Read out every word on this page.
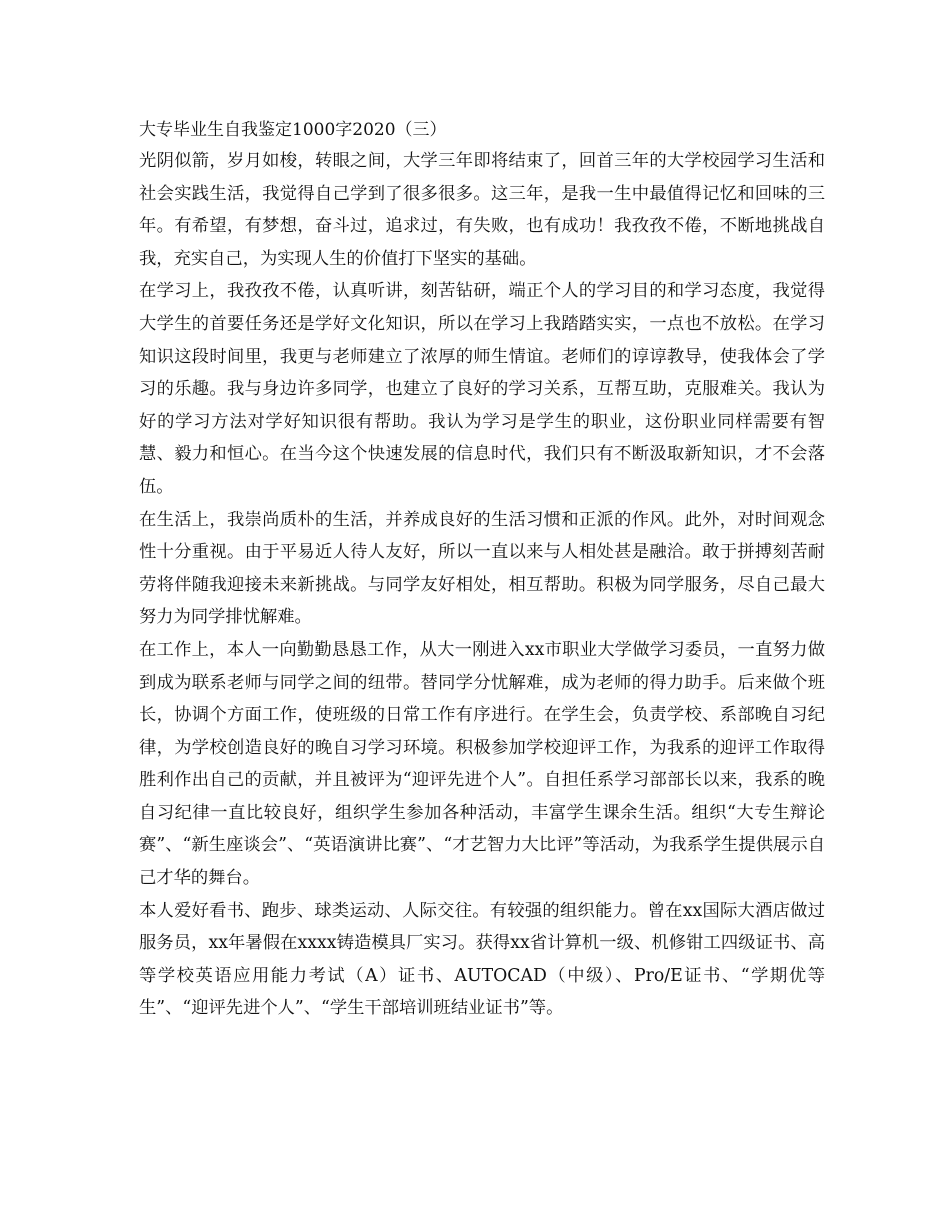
大专毕业生自我鉴定1000字2020（三）

光阴似箭，岁月如梭，转眼之间，大学三年即将结束了，回首三年的大学校园学习生活和社会实践生活，我觉得自己学到了很多很多。这三年，是我一生中最值得记忆和回味的三年。有希望，有梦想，奋斗过，追求过，有失败，也有成功！我孜孜不倦，不断地挑战自我，充实自己，为实现人生的价值打下坚实的基础。

在学习上，我孜孜不倦，认真听讲，刻苦钻研，端正个人的学习目的和学习态度，我觉得大学生的首要任务还是学好文化知识，所以在学习上我踏踏实实，一点也不放松。在学习知识这段时间里，我更与老师建立了浓厚的师生情谊。老师们的谆谆教导，使我体会了学习的乐趣。我与身边许多同学，也建立了良好的学习关系，互帮互助，克服难关。我认为好的学习方法对学好知识很有帮助。我认为学习是学生的职业，这份职业同样需要有智慧、毅力和恒心。在当今这个快速发展的信息时代，我们只有不断汲取新知识，才不会落伍。

在生活上，我崇尚质朴的生活，并养成良好的生活习惯和正派的作风。此外，对时间观念性十分重视。由于平易近人待人友好，所以一直以来与人相处甚是融洽。敢于拼搏刻苦耐劳将伴随我迎接未来新挑战。与同学友好相处，相互帮助。积极为同学服务，尽自己最大努力为同学排忧解难。

在工作上，本人一向勤勤恳恳工作，从大一刚进入xx市职业大学做学习委员，一直努力做到成为联系老师与同学之间的纽带。替同学分忧解难，成为老师的得力助手。后来做个班长，协调个方面工作，使班级的日常工作有序进行。在学生会，负责学校、系部晚自习纪律，为学校创造良好的晚自习学习环境。积极参加学校迎评工作，为我系的迎评工作取得胜利作出自己的贡献，并且被评为“迎评先进个人”。自担任系学习部部长以来，我系的晚自习纪律一直比较良好，组织学生参加各种活动，丰富学生课余生活。组织“大专生辩论赛”、“新生座谈会”、“英语演讲比赛”、“才艺智力大比评”等活动，为我系学生提供展示自己才华的舞台。

本人爱好看书、跑步、球类运动、人际交往。有较强的组织能力。曾在xx国际大酒店做过服务员，xx年暑假在xxxx铸造模具厂实习。获得xx省计算机一级、机修钳工四级证书、高等学校英语应用能力考试（A）证书、AUTOCAD（中级）、Pro/E证书、“学期优等生”、“迎评先进个人”、“学生干部培训班结业证书”等。
